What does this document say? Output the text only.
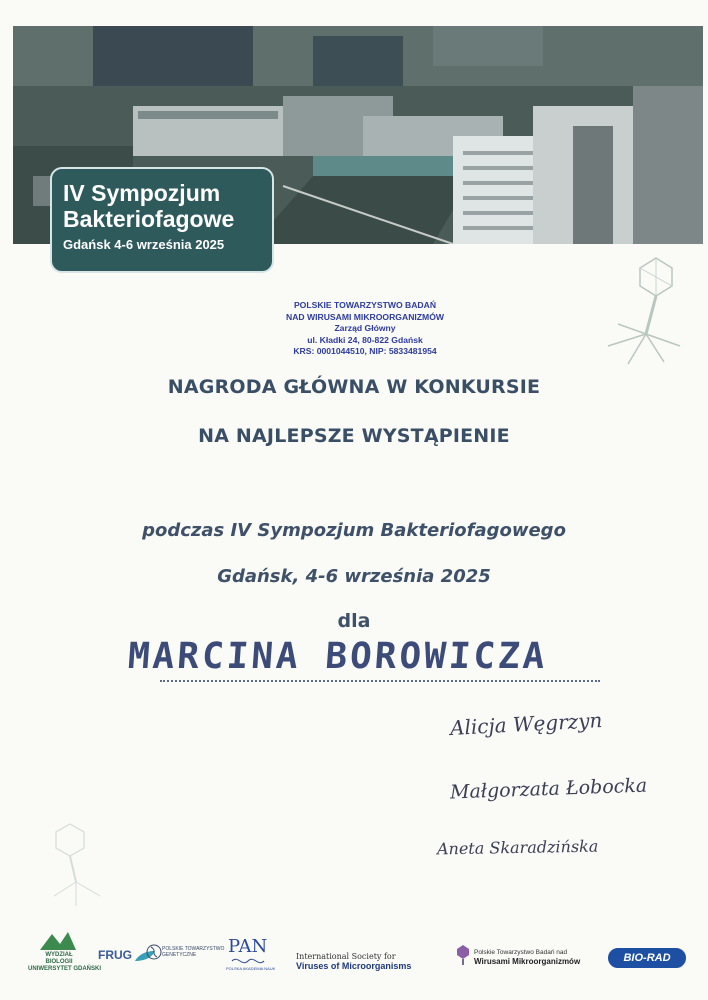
IV Sympozjum
Bakteriofagowe
Gdańsk 4-6 września 2025
POLSKIE TOWARZYSTWO BADAŃ
NAD WIRUSAMI MIKROORGANIZMÓW
Zarząd Główny
ul. Kładki 24, 80-822 Gdańsk
KRS: 0001044510, NIP: 5833481954
NAGRODA GŁÓWNA W KONKURSIE
NA NAJLEPSZE WYSTĄPIENIE
podczas IV Sympozjum Bakteriofagowego
Gdańsk, 4-6 września 2025
dla
MARCINA BOROWICZA
Alicja Węgrzyn
Małgorzata Łobocka
Aneta Skaradzińska
WYDZIAŁ
BIOLOGII
UNIWERSYTET GDAŃSKI
FRUG	POLSKIE TOWARZYSTWO
GENETYCZNE	PAN
POLSKA AKADEMIA NAUK
International Society for
Viruses of Microorganisms
Polskie Towarzystwo Badań nad
Wirusami Mikroorganizmów	BIO-RAD
